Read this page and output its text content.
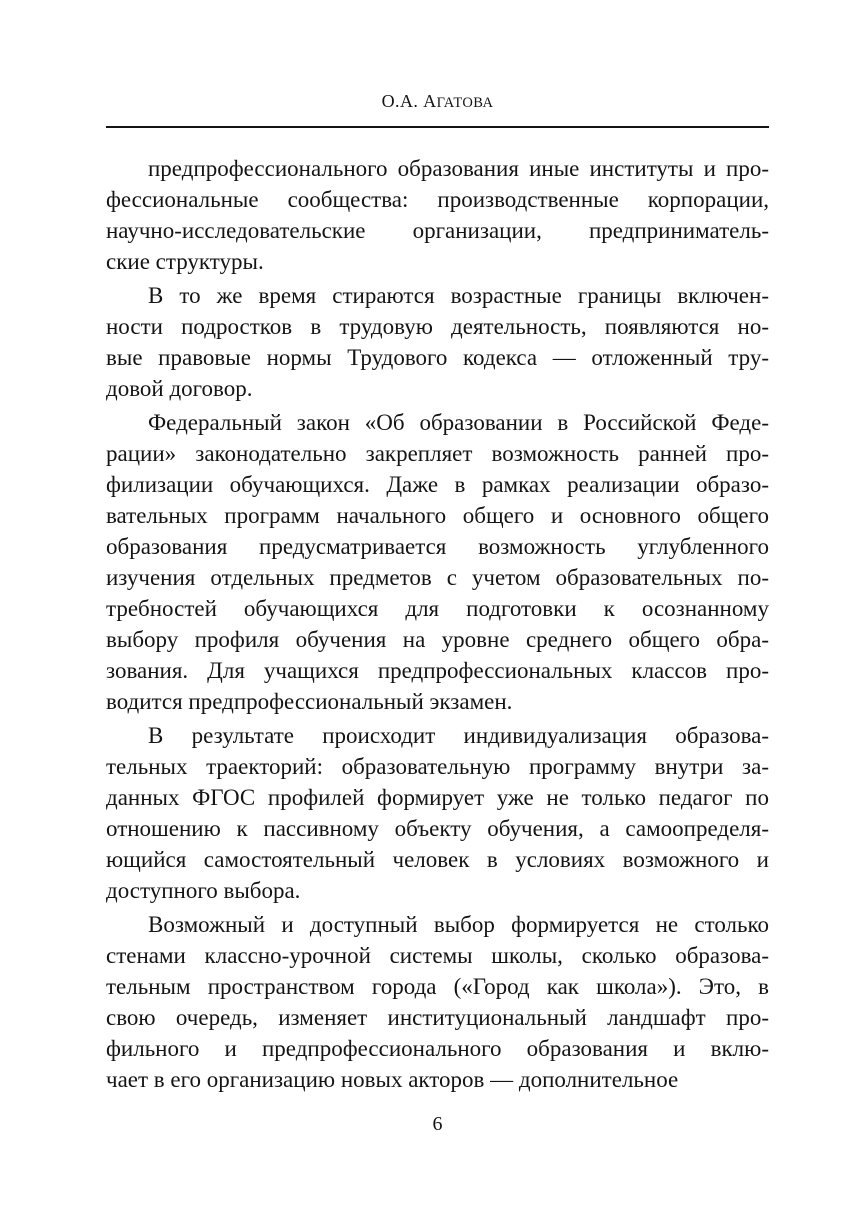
О.А. АГАТОВА
предпрофессионального образования иные институты и про-
фессиональные сообщества: производственные корпорации,
научно-исследовательские организации, предприниматель-
ские структуры.
В то же время стираются возрастные границы включен-
ности подростков в трудовую деятельность, появляются но-
вые правовые нормы Трудового кодекса — отложенный тру-
довой договор.
Федеральный закон «Об образовании в Российской Феде-
рации» законодательно закрепляет возможность ранней про-
филизации обучающихся. Даже в рамках реализации образо-
вательных программ начального общего и основного общего
образования предусматривается возможность углубленного
изучения отдельных предметов с учетом образовательных по-
требностей обучающихся для подготовки к осознанному
выбору профиля обучения на уровне среднего общего обра-
зования. Для учащихся предпрофессиональных классов про-
водится предпрофессиональный экзамен.
В результате происходит индивидуализация образова-
тельных траекторий: образовательную программу внутри за-
данных ФГОС профилей формирует уже не только педагог по
отношению к пассивному объекту обучения, а самоопределя-
ющийся самостоятельный человек в условиях возможного и
доступного выбора.
Возможный и доступный выбор формируется не столько
стенами классно-урочной системы школы, сколько образова-
тельным пространством города («Город как школа»). Это, в
свою очередь, изменяет институциональный ландшафт про-
фильного и предпрофессионального образования и вклю-
чает в его организацию новых акторов — дополнительное
6
